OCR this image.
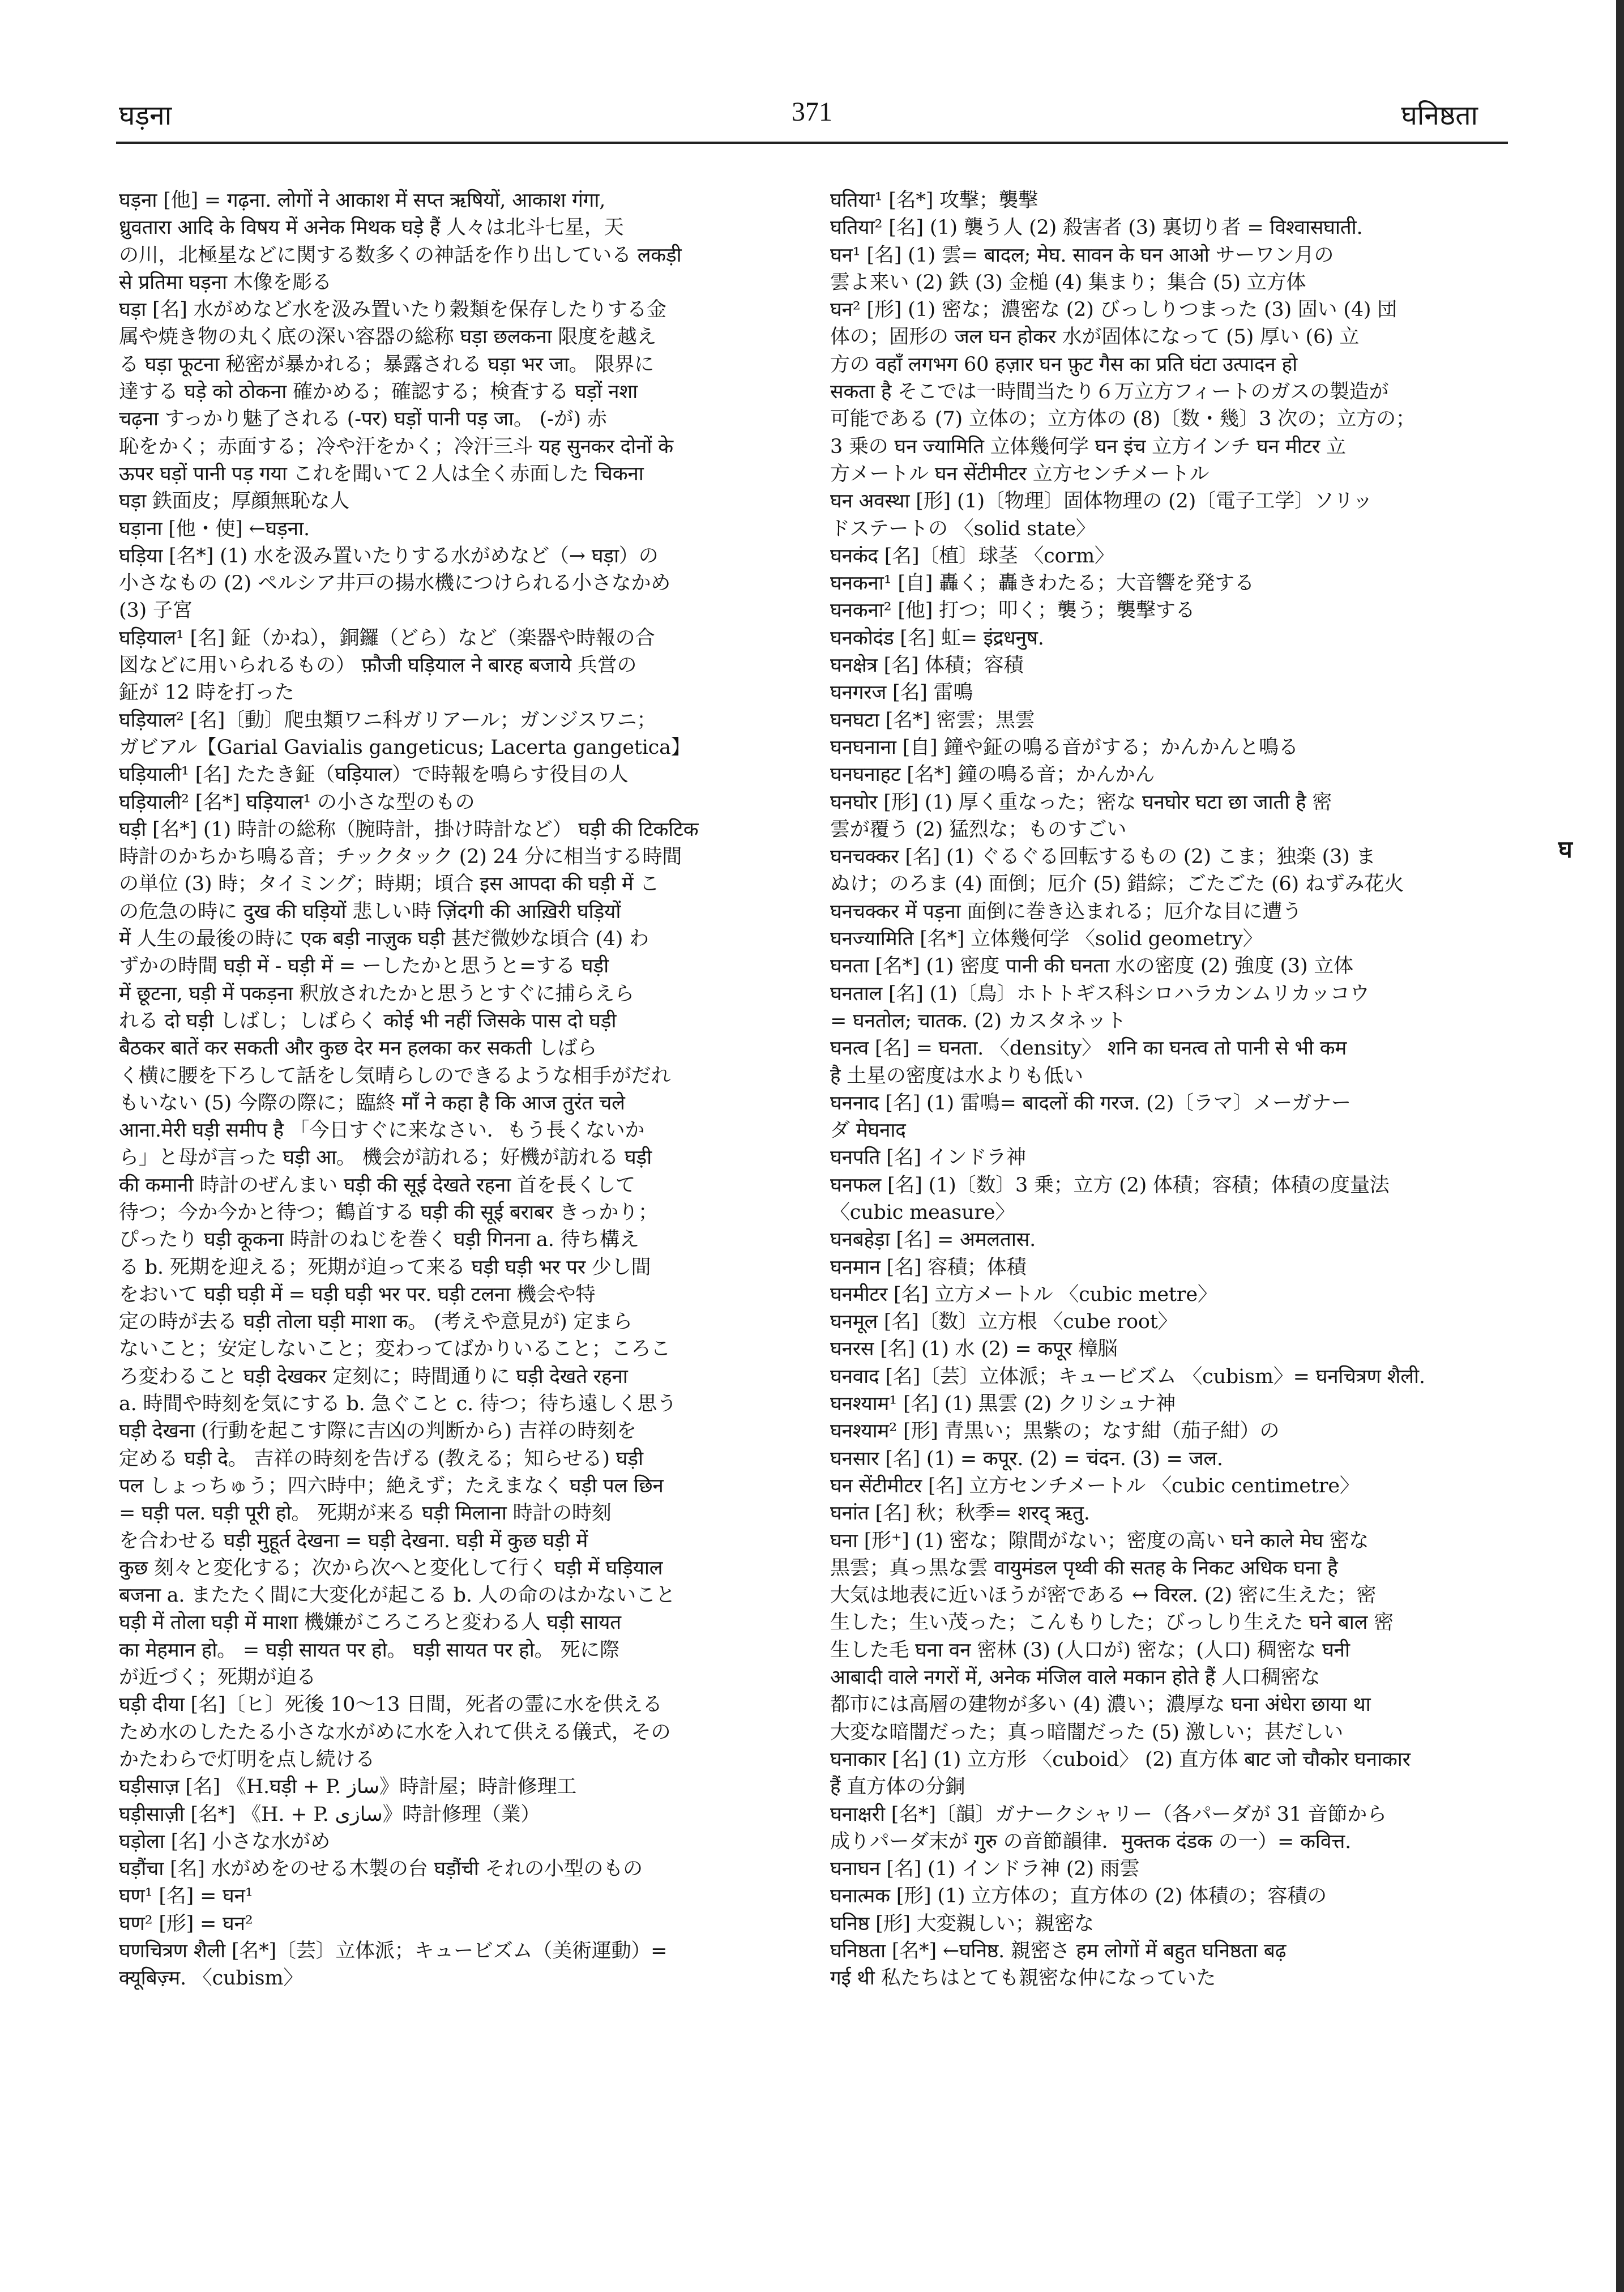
घड़ना	371	घनिष्ठता
घड़ना [他] = गढ़ना. लोगों ने आकाश में सप्त ऋषियों, आकाश गंगा,
ध्रुवतारा आदि के विषय में अनेक मिथक घड़े हैं 人々は北斗七星，天
の川，北極星などに関する数多くの神話を作り出している लकड़ी
से प्रतिमा घड़ना 木像を彫る
घड़ा [名] 水がめなど水を汲み置いたり穀類を保存したりする金
属や焼き物の丸く底の深い容器の総称 घड़ा छलकना 限度を越え
る घड़ा फूटना 秘密が暴かれる；暴露される घड़ा भर जा。 限界に
達する घड़े को ठोकना 確かめる；確認する；検査する घड़ों नशा
चढ़ना すっかり魅了される (-पर) घड़ों पानी पड़ जा。 (-が) 赤
恥をかく；赤面する；冷や汗をかく；冷汗三斗 यह सुनकर दोनों के
ऊपर घड़ों पानी पड़ गया これを聞いて２人は全く赤面した चिकना
घड़ा 鉄面皮；厚顔無恥な人
घड़ाना [他・使] ←घड़ना.
घड़िया [名*] (1) 水を汲み置いたりする水がめなど（→ घड़ा）の
小さなもの (2) ペルシア井戸の揚水機につけられる小さなかめ
(3) 子宮
घड़ियाल¹ [名] 鉦（かね），銅鑼（どら）など（楽器や時報の合
図などに用いられるもの） फ़ौजी घड़ियाल ने बारह बजाये 兵営の
鉦が 12 時を打った
घड़ियाल² [名]〔動〕爬虫類ワニ科ガリアール；ガンジスワニ；
ガビアル【Garial Gavialis gangeticus; Lacerta gangetica】
घड़ियाली¹ [名] たたき鉦（घड़ियाल）で時報を鳴らす役目の人
घड़ियाली² [名*] घड़ियाल¹ の小さな型のもの
घड़ी [名*] (1) 時計の総称（腕時計，掛け時計など） घड़ी की टिकटिक
時計のかちかち鳴る音；チックタック (2) 24 分に相当する時間
の単位 (3) 時；タイミング；時期；頃合 इस आपदा की घड़ी में こ
の危急の時に दुख की घड़ियों 悲しい時 ज़िंदगी की आख़िरी घड़ियों
में 人生の最後の時に एक बड़ी नाज़ुक घड़ी 甚だ微妙な頃合 (4) わ
ずかの時間 घड़ी में - घड़ी में = ーしたかと思うと=する घड़ी
में छूटना, घड़ी में पकड़ना 釈放されたかと思うとすぐに捕らえら
れる दो घड़ी しばし；しばらく कोई भी नहीं जिसके पास दो घड़ी
बैठकर बातें कर सकती और कुछ देर मन हलका कर सकती しばら
く横に腰を下ろして話をし気晴らしのできるような相手がだれ
もいない (5) 今際の際に；臨終 माँ ने कहा है कि आज तुरंत चले
आना.मेरी घड़ी समीप है 「今日すぐに来なさい．もう長くないか
ら」と母が言った घड़ी आ。 機会が訪れる；好機が訪れる घड़ी
की कमानी 時計のぜんまい घड़ी की सूई देखते रहना 首を長くして
待つ；今か今かと待つ；鶴首する घड़ी की सूई बराबर きっかり；
ぴったり घड़ी कूकना 時計のねじを巻く घड़ी गिनना a. 待ち構え
る b. 死期を迎える；死期が迫って来る घड़ी घड़ी भर पर 少し間
をおいて घड़ी घड़ी में = घड़ी घड़ी भर पर. घड़ी टलना 機会や特
定の時が去る घड़ी तोला घड़ी माशा क。 (考えや意見が) 定まら
ないこと；安定しないこと；変わってばかりいること；ころこ
ろ変わること घड़ी देखकर 定刻に；時間通りに घड़ी देखते रहना
a. 時間や時刻を気にする b. 急ぐこと c. 待つ；待ち遠しく思う
घड़ी देखना (行動を起こす際に吉凶の判断から) 吉祥の時刻を
定める घड़ी दे。 吉祥の時刻を告げる (教える；知らせる) घड़ी
पल しょっちゅう；四六時中；絶えず；たえまなく घड़ी पल छिन
= घड़ी पल. घड़ी पूरी हो。 死期が来る घड़ी मिलाना 時計の時刻
を合わせる घड़ी मुहूर्त देखना = घड़ी देखना. घड़ी में कुछ घड़ी में
कुछ 刻々と変化する；次から次へと変化して行く घड़ी में घड़ियाल
बजना a. またたく間に大変化が起こる b. 人の命のはかないこと
घड़ी में तोला घड़ी में माशा 機嫌がころころと変わる人 घड़ी सायत
का मेहमान हो。 = घड़ी सायत पर हो。 घड़ी सायत पर हो。 死に際
が近づく；死期が迫る
घड़ी दीया [名]〔ヒ〕死後 10〜13 日間，死者の霊に水を供える
ため水のしたたる小さな水がめに水を入れて供える儀式，その
かたわらで灯明を点し続ける
घड़ीसाज़ [名] 《H.घड़ी + P. ساز》時計屋；時計修理工
घड़ीसाज़ी [名*] 《H. + P. سازی》時計修理（業）
घड़ोला [名] 小さな水がめ
घड़ौंचा [名] 水がめをのせる木製の台 घड़ौंची それの小型のもの
घण¹ [名] = घन¹
घण² [形] = घन²
घणचित्रण शैली [名*]〔芸〕立体派；キュービズム（美術運動）=
क्यूबिज़्म. 〈cubism〉
घतिया¹ [名*] 攻撃；襲撃
घतिया² [名] (1) 襲う人 (2) 殺害者 (3) 裏切り者 = विश्वासघाती.
घन¹ [名] (1) 雲= बादल; मेघ. सावन के घन आओ サーワン月の
雲よ来い (2) 鉄 (3) 金槌 (4) 集まり；集合 (5) 立方体
घन² [形] (1) 密な；濃密な (2) びっしりつまった (3) 固い (4) 団
体の；固形の जल घन होकर 水が固体になって (5) 厚い (6) 立
方の वहाँ लगभग 60 हज़ार घन फ़ुट गैस का प्रति घंटा उत्पादन हो
सकता है そこでは一時間当たり６万立方フィートのガスの製造が
可能である (7) 立体の；立方体の (8)〔数・幾〕3 次の；立方の；
3 乗の घन ज्यामिति 立体幾何学 घन इंच 立方インチ घन मीटर 立
方メートル घन सेंटीमीटर 立方センチメートル
घन अवस्था [形] (1)〔物理〕固体物理の (2)〔電子工学〕ソリッ
ドステートの 〈solid state〉
घनकंद [名]〔植〕球茎 〈corm〉
घनकना¹ [自] 轟く；轟きわたる；大音響を発する
घनकना² [他] 打つ；叩く；襲う；襲撃する
घनकोदंड [名] 虹= इंद्रधनुष.
घनक्षेत्र [名] 体積；容積
घनगरज [名] 雷鳴
घनघटा [名*] 密雲；黒雲
घनघनाना [自] 鐘や鉦の鳴る音がする；かんかんと鳴る
घनघनाहट [名*] 鐘の鳴る音；かんかん
घनघोर [形] (1) 厚く重なった；密な घनघोर घटा छा जाती है 密
雲が覆う (2) 猛烈な；ものすごい
घनचक्कर [名] (1) ぐるぐる回転するもの (2) こま；独楽 (3) ま
ぬけ；のろま (4) 面倒；厄介 (5) 錯綜；ごたごた (6) ねずみ花火
घनचक्कर में पड़ना 面倒に巻き込まれる；厄介な目に遭う
घनज्यामिति [名*] 立体幾何学 〈solid geometry〉
घनता [名*] (1) 密度 पानी की घनता 水の密度 (2) 強度 (3) 立体
घनताल [名] (1)〔鳥〕ホトトギス科シロハラカンムリカッコウ
= घनतोल; चातक. (2) カスタネット
घनत्व [名] = घनता. 〈density〉 शनि का घनत्व तो पानी से भी कम
है 土星の密度は水よりも低い
घननाद [名] (1) 雷鳴= बादलों की गरज. (2)〔ラマ〕メーガナー
ダ मेघनाद
घनपति [名] インドラ神
घनफल [名] (1)〔数〕3 乗；立方 (2) 体積；容積；体積の度量法
〈cubic measure〉
घनबहेड़ा [名] = अमलतास.
घनमान [名] 容積；体積
घनमीटर [名] 立方メートル 〈cubic metre〉
घनमूल [名]〔数〕立方根 〈cube root〉
घनरस [名] (1) 水 (2) = कपूर 樟脳
घनवाद [名]〔芸〕立体派；キュービズム 〈cubism〉= घनचित्रण शैली.
घनश्याम¹ [名] (1) 黒雲 (2) クリシュナ神
घनश्याम² [形] 青黒い；黒紫の；なす紺（茄子紺）の
घनसार [名] (1) = कपूर. (2) = चंदन. (3) = जल.
घन सेंटीमीटर [名] 立方センチメートル 〈cubic centimetre〉
घनांत [名] 秋；秋季= शरद् ऋतु.
घना [形⁺] (1) 密な；隙間がない；密度の高い घने काले मेघ 密な
黒雲；真っ黒な雲 वायुमंडल पृथ्वी की सतह के निकट अधिक घना है
大気は地表に近いほうが密である ↔ विरल. (2) 密に生えた；密
生した；生い茂った；こんもりした；びっしり生えた घने बाल 密
生した毛 घना वन 密林 (3) (人口が) 密な；(人口) 稠密な घनी
आबादी वाले नगरों में, अनेक मंजिल वाले मकान होते हैं 人口稠密な
都市には高層の建物が多い (4) 濃い；濃厚な घना अंधेरा छाया था
大変な暗闇だった；真っ暗闇だった (5) 激しい；甚だしい
घनाकार [名] (1) 立方形 〈cuboid〉 (2) 直方体 बाट जो चौकोर घनाकार
हैं 直方体の分銅
घनाक्षरी [名*]〔韻〕ガナークシャリー（各パーダが 31 音節から
成りパーダ末が गुरु の音節韻律．मुक्तक दंडक の一）= कवित्त.
घनाघन [名] (1) インドラ神 (2) 雨雲
घनात्मक [形] (1) 立方体の；直方体の (2) 体積の；容積の
घनिष्ठ [形] 大変親しい；親密な
घनिष्ठता [名*] ←घनिष्ठ. 親密さ हम लोगों में बहुत घनिष्ठता बढ़
गई थी 私たちはとても親密な仲になっていた
घ
